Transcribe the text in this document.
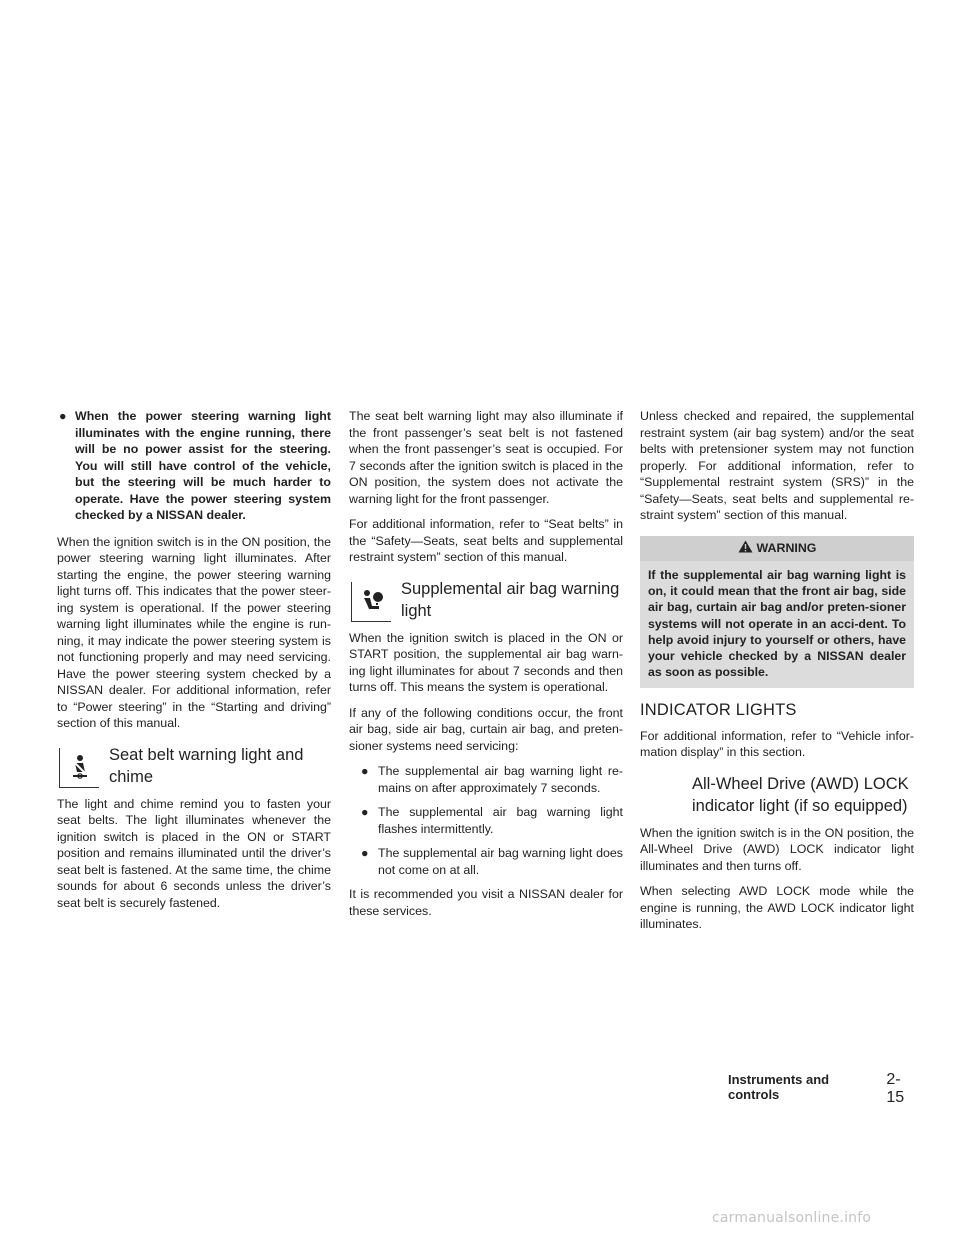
● When the power steering warning light illuminates with the engine running, there will be no power assist for the steering. You will still have control of the vehicle, but the steering will be much harder to operate. Have the power steering system checked by a NISSAN dealer.

When the ignition switch is in the ON position, the power steering warning light illuminates. After starting the engine, the power steering warning light turns off. This indicates that the power steer-ing system is operational. If the power steering warning light illuminates while the engine is run-ning, it may indicate the power steering system is not functioning properly and may need servicing. Have the power steering system checked by a NISSAN dealer. For additional information, refer to “Power steering” in the “Starting and driving” section of this manual.

Seat belt warning light and chime

The light and chime remind you to fasten your seat belts. The light illuminates whenever the ignition switch is placed in the ON or START position and remains illuminated until the driver’s seat belt is fastened. At the same time, the chime sounds for about 6 seconds unless the driver’s seat belt is securely fastened.

The seat belt warning light may also illuminate if the front passenger’s seat belt is not fastened when the front passenger’s seat is occupied. For 7 seconds after the ignition switch is placed in the ON position, the system does not activate the warning light for the front passenger.

For additional information, refer to “Seat belts” in the “Safety—Seats, seat belts and supplemental restraint system” section of this manual.

Supplemental air bag warning light

When the ignition switch is placed in the ON or START position, the supplemental air bag warn-ing light illuminates for about 7 seconds and then turns off. This means the system is operational.

If any of the following conditions occur, the front air bag, side air bag, curtain air bag, and preten-sioner systems need servicing:

● The supplemental air bag warning light re-mains on after approximately 7 seconds.
● The supplemental air bag warning light flashes intermittently.
● The supplemental air bag warning light does not come on at all.

It is recommended you visit a NISSAN dealer for these services.

Unless checked and repaired, the supplemental restraint system (air bag system) and/or the seat belts with pretensioner system may not function properly. For additional information, refer to “Supplemental restraint system (SRS)” in the “Safety—Seats, seat belts and supplemental re-straint system” section of this manual.

WARNING
If the supplemental air bag warning light is on, it could mean that the front air bag, side air bag, curtain air bag and/or preten-sioner systems will not operate in an acci-dent. To help avoid injury to yourself or others, have your vehicle checked by a NISSAN dealer as soon as possible.
INDICATOR LIGHTS

For additional information, refer to “Vehicle infor-mation display” in this section.

All-Wheel Drive (AWD) LOCK indicator light (if so equipped)

When the ignition switch is in the ON position, the All-Wheel Drive (AWD) LOCK indicator light illuminates and then turns off.

When selecting AWD LOCK mode while the engine is running, the AWD LOCK indicator light illuminates.

Instruments and controls
2-15
carmanualsonline.info
